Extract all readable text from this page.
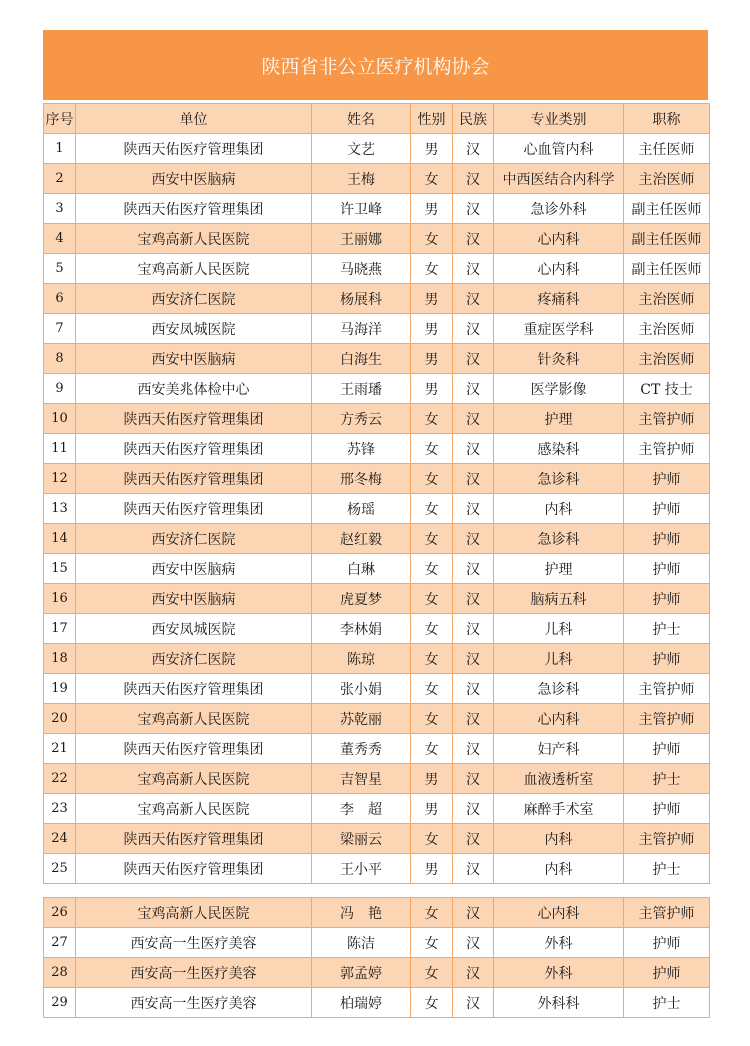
陕西省非公立医疗机构协会
序号	单位	姓名	性别	民族	专业类别	职称
1	陕西天佑医疗管理集团	文艺	男	汉	心血管内科	主任医师
2	西安中医脑病	王梅	女	汉	中西医结合内科学	主治医师
3	陕西天佑医疗管理集团	许卫峰	男	汉	急诊外科	副主任医师
4	宝鸡高新人民医院	王丽娜	女	汉	心内科	副主任医师
5	宝鸡高新人民医院	马晓燕	女	汉	心内科	副主任医师
6	西安济仁医院	杨展科	男	汉	疼痛科	主治医师
7	西安凤城医院	马海洋	男	汉	重症医学科	主治医师
8	西安中医脑病	白海生	男	汉	针灸科	主治医师
9	西安美兆体检中心	王雨璠	男	汉	医学影像	CT 技士
10	陕西天佑医疗管理集团	方秀云	女	汉	护理	主管护师
11	陕西天佑医疗管理集团	苏锋	女	汉	感染科	主管护师
12	陕西天佑医疗管理集团	邢冬梅	女	汉	急诊科	护师
13	陕西天佑医疗管理集团	杨瑶	女	汉	内科	护师
14	西安济仁医院	赵红毅	女	汉	急诊科	护师
15	西安中医脑病	白琳	女	汉	护理	护师
16	西安中医脑病	虎夏梦	女	汉	脑病五科	护师
17	西安凤城医院	李林娟	女	汉	儿科	护士
18	西安济仁医院	陈琼	女	汉	儿科	护师
19	陕西天佑医疗管理集团	张小娟	女	汉	急诊科	主管护师
20	宝鸡高新人民医院	苏乾丽	女	汉	心内科	主管护师
21	陕西天佑医疗管理集团	董秀秀	女	汉	妇产科	护师
22	宝鸡高新人民医院	吉智星	男	汉	血液透析室	护士
23	宝鸡高新人民医院	李　超	男	汉	麻醉手术室	护师
24	陕西天佑医疗管理集团	梁丽云	女	汉	内科	主管护师
25	陕西天佑医疗管理集团	王小平	男	汉	内科	护士
26	宝鸡高新人民医院	冯　艳	女	汉	心内科	主管护师
27	西安高一生医疗美容	陈洁	女	汉	外科	护师
28	西安高一生医疗美容	郭孟婷	女	汉	外科	护师
29	西安高一生医疗美容	柏瑞婷	女	汉	外科科	护士
